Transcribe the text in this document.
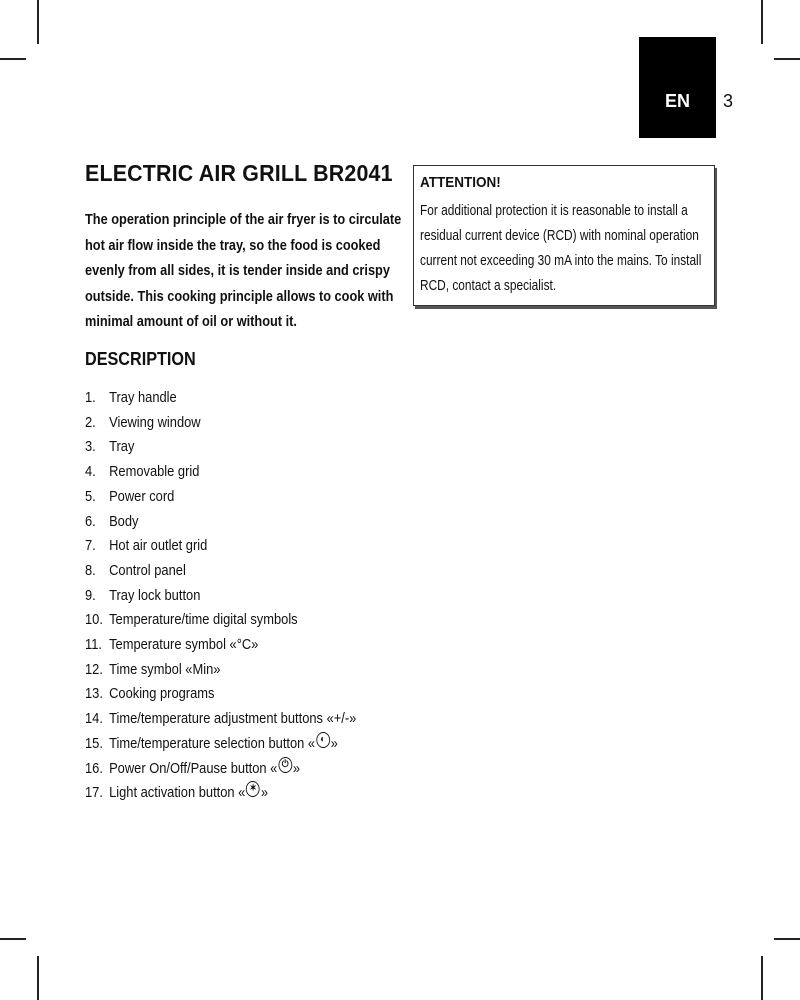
EN 3
ELECTRIC AIR GRILL BR2041

The operation principle of the air fryer is to circulate hot air flow inside the tray, so the food is cooked evenly from all sides, it is tender inside and crispy outside. This cooking principle allows to cook with minimal amount of oil or without it.

DESCRIPTION
1. Tray handle
2. Viewing window
3. Tray
4. Removable grid
5. Power cord
6. Body
7. Hot air outlet grid
8. Control panel
9. Tray lock button
10. Temperature/time digital symbols
11. Temperature symbol «°C»
12. Time symbol «Min»
13. Cooking programs
14. Time/temperature adjustment buttons «+/-»
15. Time/temperature selection button « ◐ »
16. Power On/Off/Pause button « ⏻ »
17. Light activation button « ✶ »

ATTENTION!

For additional protection it is reasonable to install a residual current device (RCD) with nominal operation current not exceeding 30 mA into the mains. To install RCD, contact a specialist.
